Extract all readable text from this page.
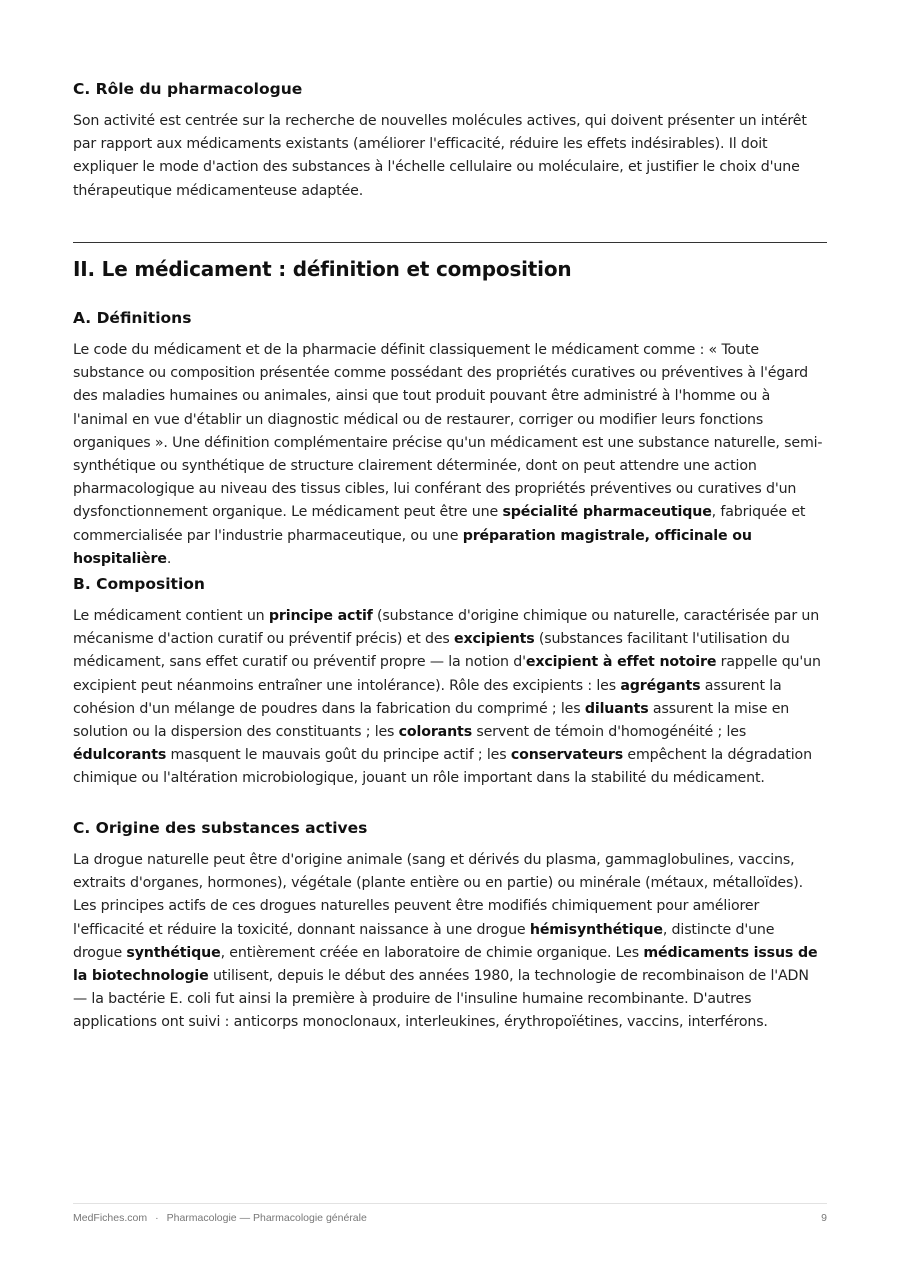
C. Rôle du pharmacologue

Son activité est centrée sur la recherche de nouvelles molécules actives, qui doivent présenter un intérêt par rapport aux médicaments existants (améliorer l'efficacité, réduire les effets indésirables). Il doit expliquer le mode d'action des substances à l'échelle cellulaire ou moléculaire, et justifier le choix d'une thérapeutique médicamenteuse adaptée.

II. Le médicament : définition et composition
A. Définitions

Le code du médicament et de la pharmacie définit classiquement le médicament comme : « Toute substance ou composition présentée comme possédant des propriétés curatives ou préventives à l'égard des maladies humaines ou animales, ainsi que tout produit pouvant être administré à l'homme ou à l'animal en vue d'établir un diagnostic médical ou de restaurer, corriger ou modifier leurs fonctions organiques ». Une définition complémentaire précise qu'un médicament est une substance naturelle, semi-synthétique ou synthétique de structure clairement déterminée, dont on peut attendre une action pharmacologique au niveau des tissus cibles, lui conférant des propriétés préventives ou curatives d'un dysfonctionnement organique. Le médicament peut être une spécialité pharmaceutique, fabriquée et commercialisée par l'industrie pharmaceutique, ou une préparation magistrale, officinale ou hospitalière.

B. Composition

Le médicament contient un principe actif (substance d'origine chimique ou naturelle, caractérisée par un mécanisme d'action curatif ou préventif précis) et des excipients (substances facilitant l'utilisation du médicament, sans effet curatif ou préventif propre — la notion d'excipient à effet notoire rappelle qu'un excipient peut néanmoins entraîner une intolérance). Rôle des excipients : les agrégants assurent la cohésion d'un mélange de poudres dans la fabrication du comprimé ; les diluants assurent la mise en solution ou la dispersion des constituants ; les colorants servent de témoin d'homogénéité ; les édulcorants masquent le mauvais goût du principe actif ; les conservateurs empêchent la dégradation chimique ou l'altération microbiologique, jouant un rôle important dans la stabilité du médicament.

C. Origine des substances actives

La drogue naturelle peut être d'origine animale (sang et dérivés du plasma, gammaglobulines, vaccins, extraits d'organes, hormones), végétale (plante entière ou en partie) ou minérale (métaux, métalloïdes). Les principes actifs de ces drogues naturelles peuvent être modifiés chimiquement pour améliorer l'efficacité et réduire la toxicité, donnant naissance à une drogue hémisynthétique, distincte d'une drogue synthétique, entièrement créée en laboratoire de chimie organique. Les médicaments issus de la biotechnologie utilisent, depuis le début des années 1980, la technologie de recombinaison de l'ADN — la bactérie E. coli fut ainsi la première à produire de l'insuline humaine recombinante. D'autres applications ont suivi : anticorps monoclonaux, interleukines, érythropoïétines, vaccins, interférons.

MedFiches.com · Pharmacologie — Pharmacologie générale	9
